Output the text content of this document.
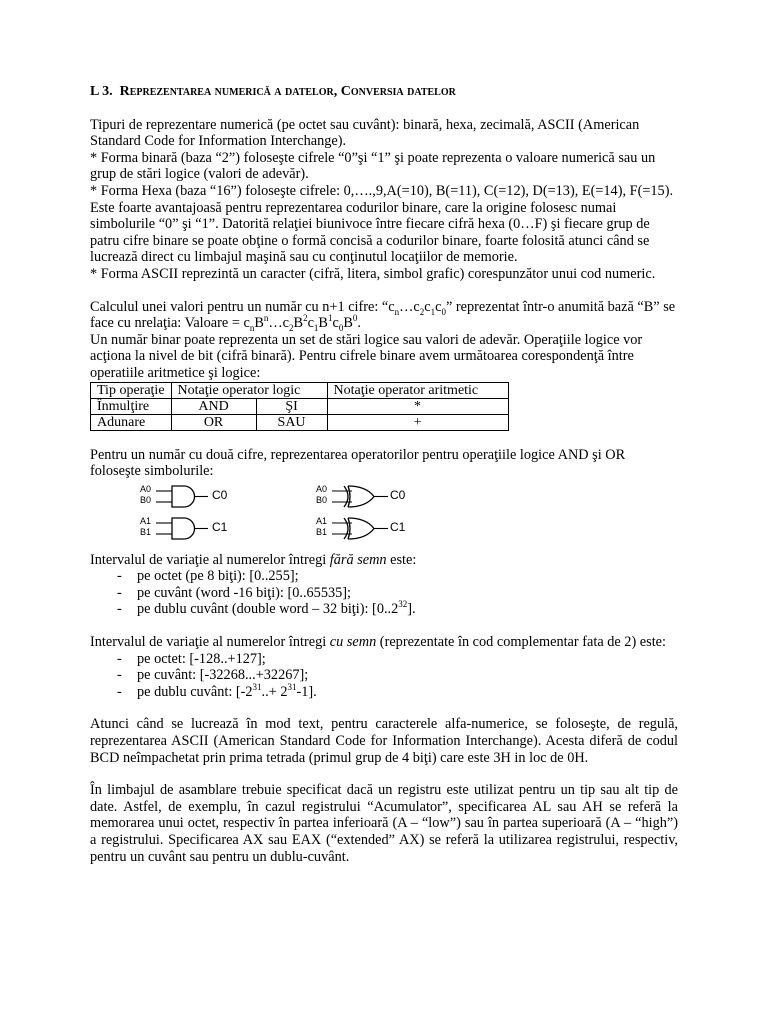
L 3. Reprezentarea numerică a datelor, Conversia datelor

Tipuri de reprezentare numerică (pe octet sau cuvânt): binară, hexa, zecimală, ASCII (American Standard Code for Information Interchange).

* Forma binară (baza “2”) foloseşte cifrele “0”şi “1” şi poate reprezenta o valoare numerică sau un grup de stări logice (valori de adevăr).

* Forma Hexa (baza “16”) foloseşte cifrele: 0,….,9,A(=10), B(=11), C(=12), D(=13), E(=14), F(=15). Este foarte avantajoasă pentru reprezentarea codurilor binare, care la origine folosesc numai simbolurile “0” şi “1”. Datorită relaţiei biunivoce între fiecare cifră hexa (0…F) şi fiecare grup de patru cifre binare se poate obţine o formă concisă a codurilor binare, foarte folosită atunci când se lucrează direct cu limbajul maşină sau cu conţinutul locaţiilor de memorie.

* Forma ASCII reprezintă un caracter (cifră, litera, simbol grafic) corespunzător unui cod numeric.

Calculul unei valori pentru un număr cu n+1 cifre: “$c_n\dots c_2c_1c_0$” reprezentat într-o anumită bază “B” se face cu nrelaţia: Valoare = $c_nB^n\dots c_2B^2c_1B^1c_0B^0$.

Un număr binar poate reprezenta un set de stări logice sau valori de adevăr. Operaţiile logice vor acţiona la nivel de bit (cifră binară). Pentru cifrele binare avem următoarea corespondenţă între operatiile aritmetice şi logice:

Tip operaţie	Notaţie operator logic		Notaţie operator aritmetic
Înmulţire	AND	ŞI	*
Adunare	OR	SAU	+

Pentru un număr cu două cifre, reprezentarea operatorilor pentru operaţiile logice AND şi OR foloseşte simbolurile:

A0
B0	C0
A1
B1	C1
A0
B0	C0
A1
B1	C1

Intervalul de variaţie al numerelor întregi fără semn este:

- pe octet (pe 8 biţi): [0..255];
- pe cuvânt (word -16 biţi): [0..65535];
- pe dublu cuvânt (double word – 32 biţi): [0..2$^{32}$].

Intervalul de variaţie al numerelor întregi cu semn (reprezentate în cod complementar fata de 2) este:

- pe octet: [-128..+127];
- pe cuvânt: [-32268...+32267];
- pe dublu cuvânt: $[-2^{31}..+ 2^{31}-1]$.

Atunci când se lucrează în mod text, pentru caracterele alfa-numerice, se foloseşte, de regulă, reprezentarea ASCII (American Standard Code for Information Interchange). Acesta diferă de codul BCD neîmpachetat prin prima tetrada (primul grup de 4 biţi) care este 3H in loc de 0H.

În limbajul de asamblare trebuie specificat dacă un registru este utilizat pentru un tip sau alt tip de date. Astfel, de exemplu, în cazul registrului “Acumulator”, specificarea AL sau AH se referă la memorarea unui octet, respectiv în partea inferioară (A – “low”) sau în partea superioară (A – “high”) a registrului. Specificarea AX sau EAX (“extended” AX) se referă la utilizarea registrului, respectiv, pentru un cuvânt sau pentru un dublu-cuvânt.
